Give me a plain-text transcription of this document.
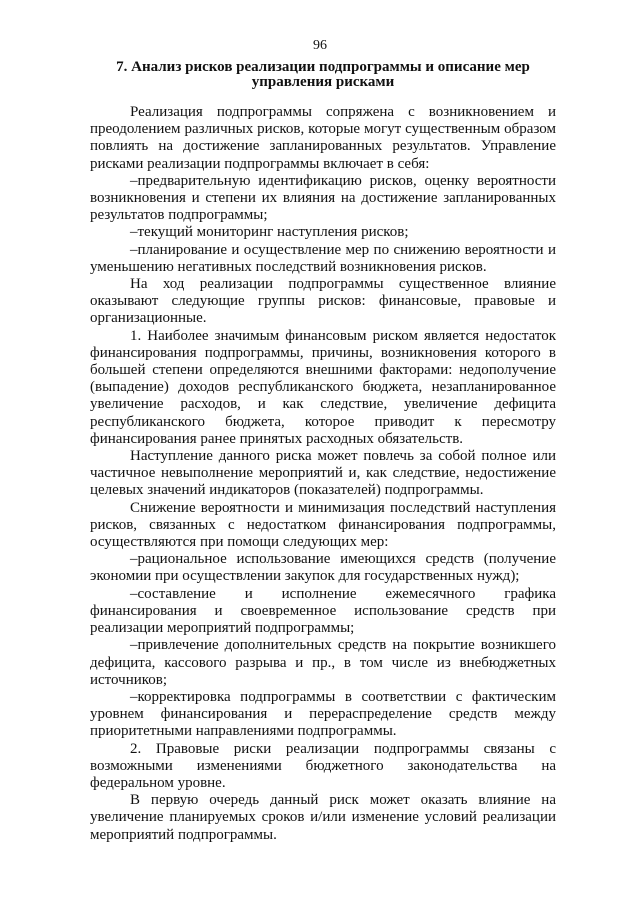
96
7. Анализ рисков реализации подпрограммы и описание мер управления рисками

Реализация подпрограммы сопряжена с возникновением и преодолением различных рисков, которые могут существенным образом повлиять на достижение запланированных результатов. Управление рисками реализации подпрограммы включает в себя:

–предварительную идентификацию рисков, оценку вероятности возникновения и степени их влияния на достижение запланированных результатов подпрограммы;

–текущий мониторинг наступления рисков;

–планирование и осуществление мер по снижению вероятности и уменьшению негативных последствий возникновения рисков.

На ход реализации подпрограммы существенное влияние оказывают следующие группы рисков: финансовые, правовые и организационные.

1. Наиболее значимым финансовым риском является недостаток финансирования подпрограммы, причины, возникновения которого в большей степени определяются внешними факторами: недополучение (выпадение) доходов республиканского бюджета, незапланированное увеличение расходов, и как следствие, увеличение дефицита республиканского бюджета, которое приводит к пересмотру финансирования ранее принятых расходных обязательств.

Наступление данного риска может повлечь за собой полное или частичное невыполнение мероприятий и, как следствие, недостижение целевых значений индикаторов (показателей) подпрограммы.

Снижение вероятности и минимизация последствий наступления рисков, связанных с недостатком финансирования подпрограммы, осуществляются при помощи следующих мер:

–рациональное использование имеющихся средств (получение экономии при осуществлении закупок для государственных нужд);

–составление и исполнение ежемесячного графика финансирования и своевременное использование средств при реализации мероприятий подпрограммы;

–привлечение дополнительных средств на покрытие возникшего дефицита, кассового разрыва и пр., в том числе из внебюджетных источников;

–корректировка подпрограммы в соответствии с фактическим уровнем финансирования и перераспределение средств между приоритетными направлениями подпрограммы.

2. Правовые риски реализации подпрограммы связаны с возможными изменениями бюджетного законодательства на федеральном уровне.

В первую очередь данный риск может оказать влияние на увеличение планируемых сроков и/или изменение условий реализации мероприятий подпрограммы.
